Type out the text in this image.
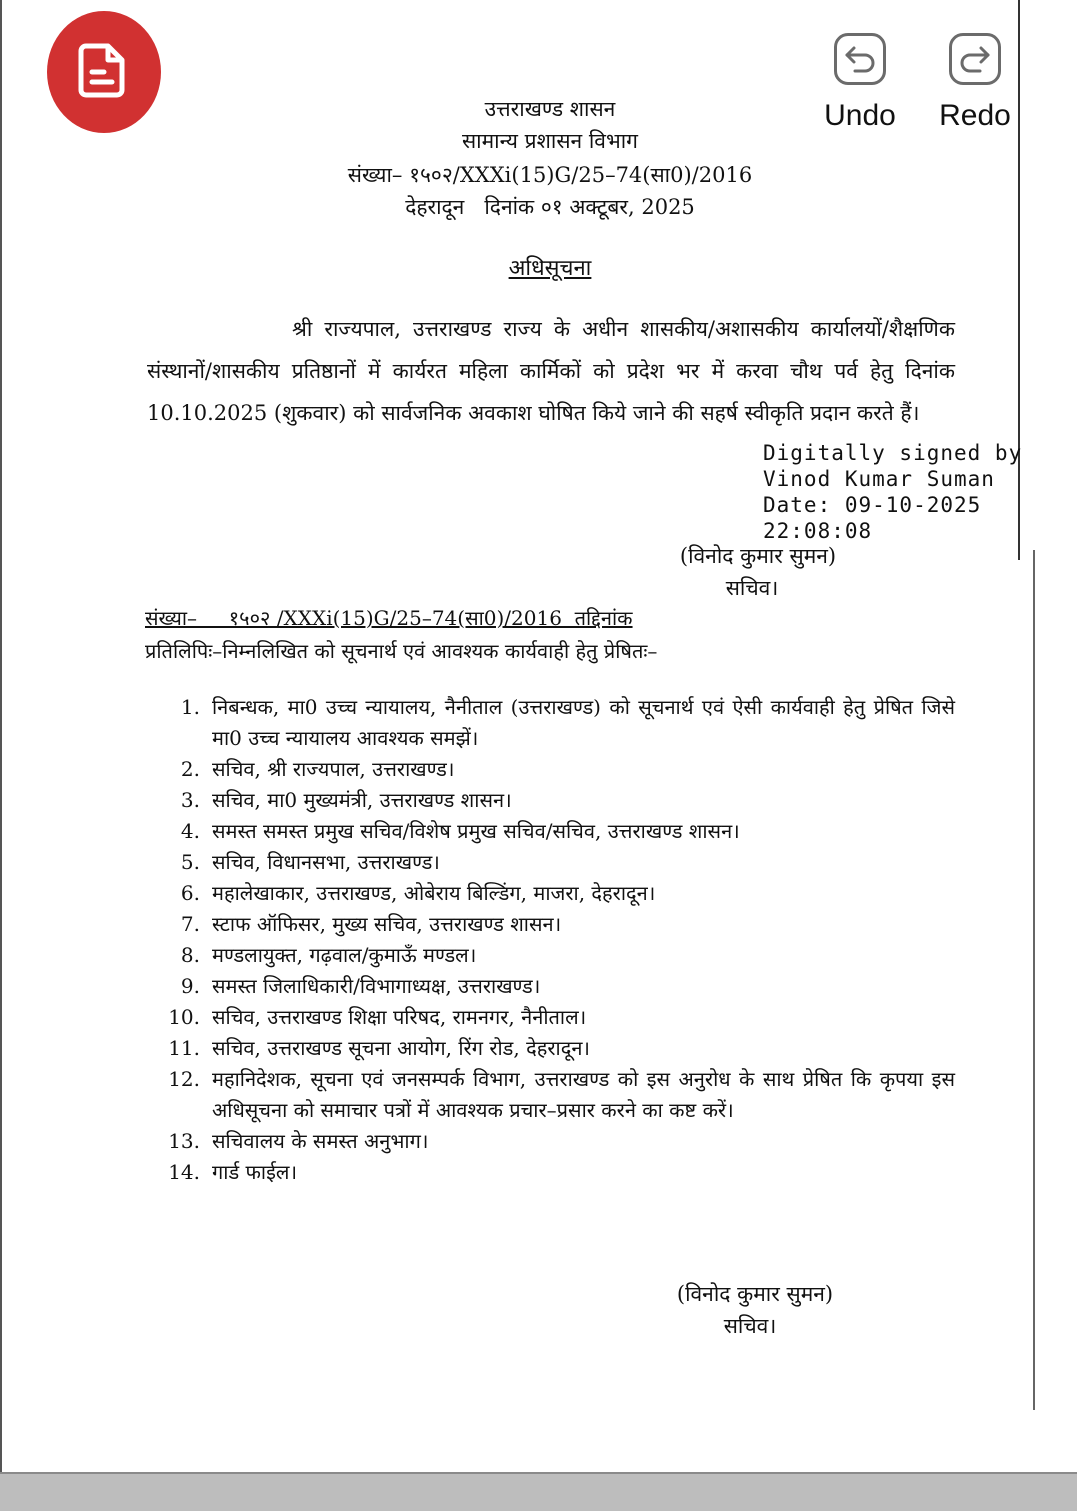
उत्तराखण्ड शासन
सामान्य प्रशासन विभाग
संख्या– १५०२/XXXi(15)G/25–74(सा0)/2016
देहरादून   दिनांक ०१ अक्टूबर, 2025
अधिसूचना
श्री राज्यपाल, उत्तराखण्ड राज्य के अधीन शासकीय/अशासकीय कार्यालयों/शैक्षणिक संस्थानों/शासकीय प्रतिष्ठानों में कार्यरत महिला कार्मिकों को प्रदेश भर में करवा चौथ पर्व हेतु दिनांक 10.10.2025 (शुकवार) को सार्वजनिक अवकाश घोषित किये जाने की सहर्ष स्वीकृति प्रदान करते हैं।
Digitally signed by
Vinod Kumar Suman
Date: 09-10-2025
22:08:08
(विनोद कुमार सुमन)
सचिव।
संख्या–     १५०२ /XXXi(15)G/25–74(सा0)/2016  तद्दिनांक
प्रतिलिपिः–निम्नलिखित को सूचनार्थ एवं आवश्यक कार्यवाही हेतु प्रेषितः–
1. निबन्धक, मा0 उच्च न्यायालय, नैनीताल (उत्तराखण्ड) को सूचनार्थ एवं ऐसी कार्यवाही हेतु प्रेषित जिसे मा0 उच्च न्यायालय आवश्यक समझें।
2. सचिव, श्री राज्यपाल, उत्तराखण्ड।
3. सचिव, मा0 मुख्यमंत्री, उत्तराखण्ड शासन।
4. समस्त समस्त प्रमुख सचिव/विशेष प्रमुख सचिव/सचिव, उत्तराखण्ड शासन।
5. सचिव, विधानसभा, उत्तराखण्ड।
6. महालेखाकार, उत्तराखण्ड, ओबेराय बिल्डिंग, माजरा, देहरादून।
7. स्टाफ ऑफिसर, मुख्य सचिव, उत्तराखण्ड शासन।
8. मण्डलायुक्त, गढ़वाल/कुमाऊँ मण्डल।
9. समस्त जिलाधिकारी/विभागाध्यक्ष, उत्तराखण्ड।
10. सचिव, उत्तराखण्ड शिक्षा परिषद, रामनगर, नैनीताल।
11. सचिव, उत्तराखण्ड सूचना आयोग, रिंग रोड, देहरादून।
12. महानिदेशक, सूचना एवं जनसम्पर्क विभाग, उत्तराखण्ड को इस अनुरोध के साथ प्रेषित कि कृपया इस अधिसूचना को समाचार पत्रों में आवश्यक प्रचार–प्रसार करने का कष्ट करें।
13. सचिवालय के समस्त अनुभाग।
14. गार्ड फाईल।
(विनोद कुमार सुमन)
सचिव।
Undo Redo
